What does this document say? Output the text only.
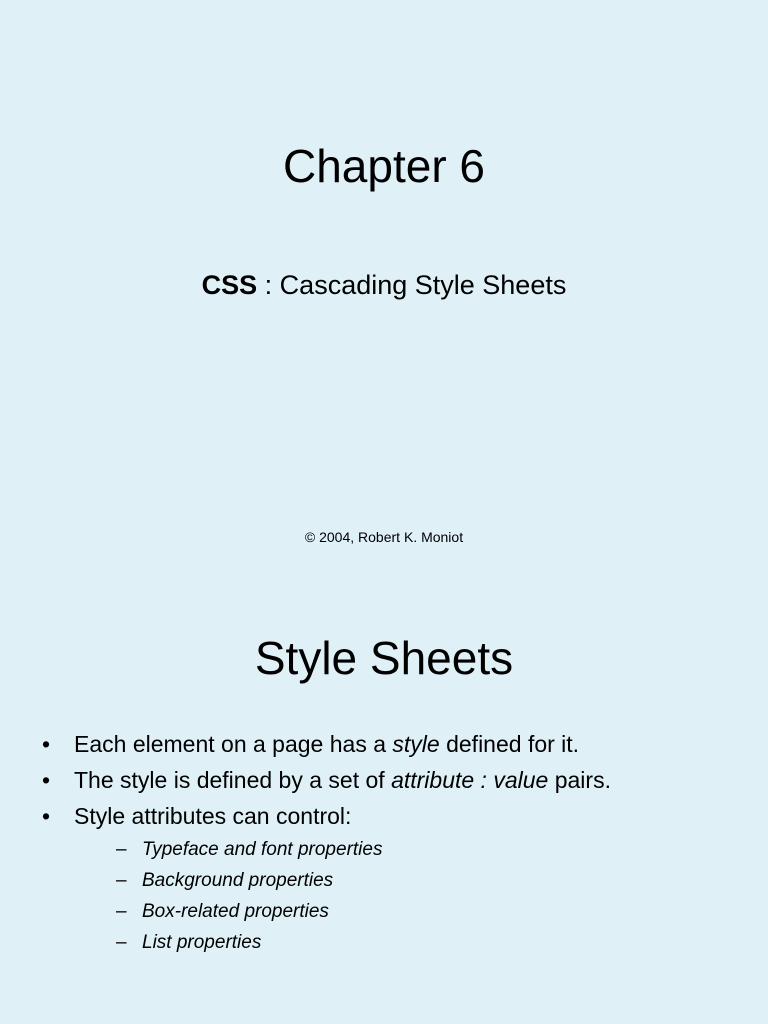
Chapter 6

CSS : Cascading Style Sheets

© 2004, Robert K. Moniot

Style Sheets
• Each element on a page has a style defined for it.
• The style is defined by a set of attribute : value pairs.
• Style attributes can control:
– Typeface and font properties
– Background properties
– Box-related properties
– List properties
